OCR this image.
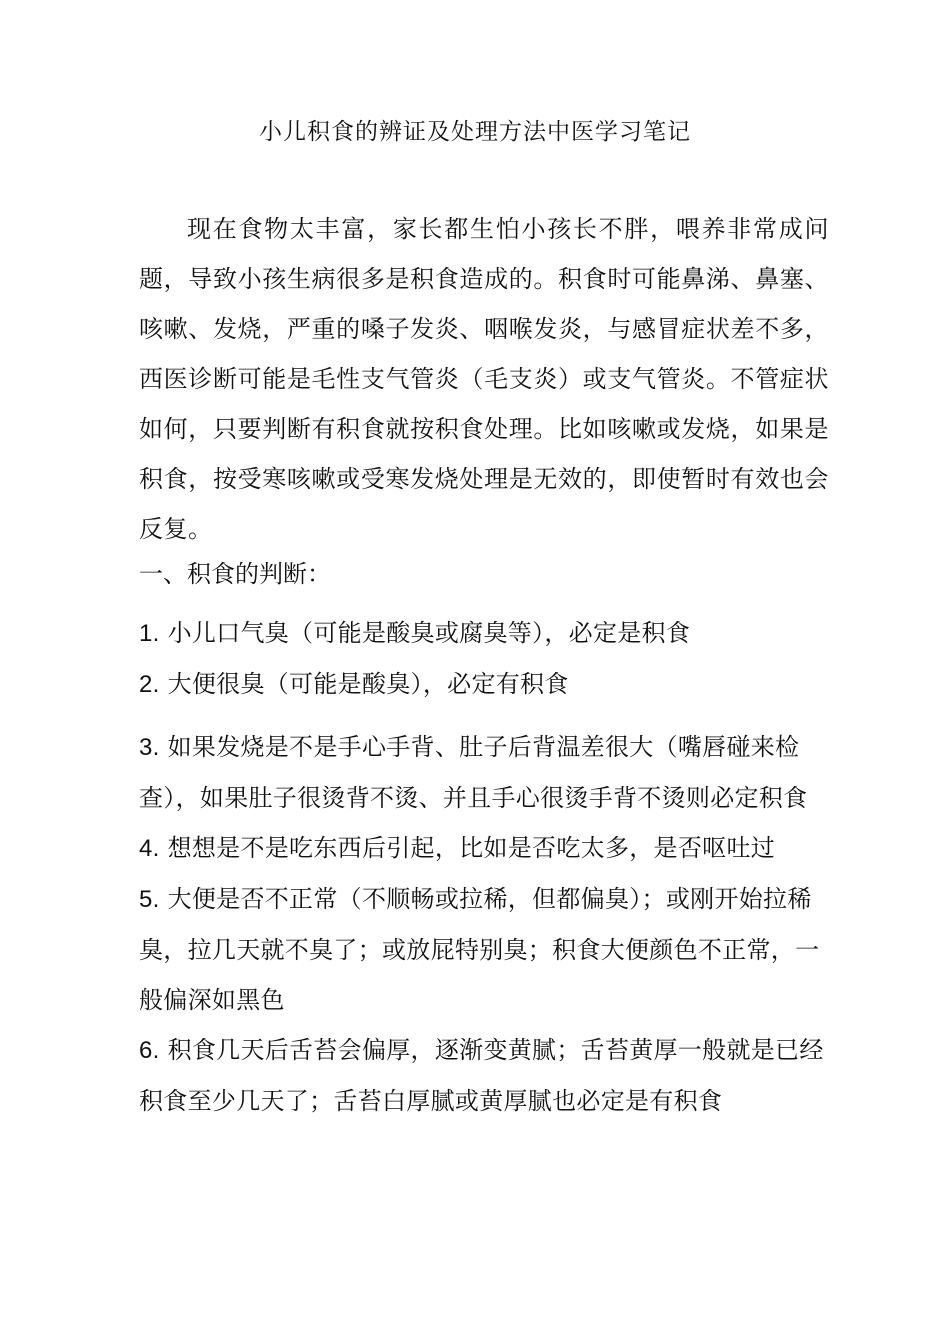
小儿积食的辨证及处理方法中医学习笔记

现在食物太丰富，家长都生怕小孩长不胖，喂养非常成问题，导致小孩生病很多是积食造成的。积食时可能鼻涕、鼻塞、咳嗽、发烧，严重的嗓子发炎、咽喉发炎，与感冒症状差不多，西医诊断可能是毛性支气管炎（毛支炎）或支气管炎。不管症状如何，只要判断有积食就按积食处理。比如咳嗽或发烧，如果是积食，按受寒咳嗽或受寒发烧处理是无效的，即使暂时有效也会反复。

一、积食的判断：
1. 小儿口气臭（可能是酸臭或腐臭等），必定是积食
2. 大便很臭（可能是酸臭），必定有积食
3. 如果发烧是不是手心手背、肚子后背温差很大（嘴唇碰来检查），如果肚子很烫背不烫、并且手心很烫手背不烫则必定积食
4. 想想是不是吃东西后引起，比如是否吃太多，是否呕吐过
5. 大便是否不正常（不顺畅或拉稀，但都偏臭）；或刚开始拉稀臭，拉几天就不臭了；或放屁特别臭；积食大便颜色不正常，一般偏深如黑色
6. 积食几天后舌苔会偏厚，逐渐变黄腻；舌苔黄厚一般就是已经积食至少几天了；舌苔白厚腻或黄厚腻也必定是有积食
